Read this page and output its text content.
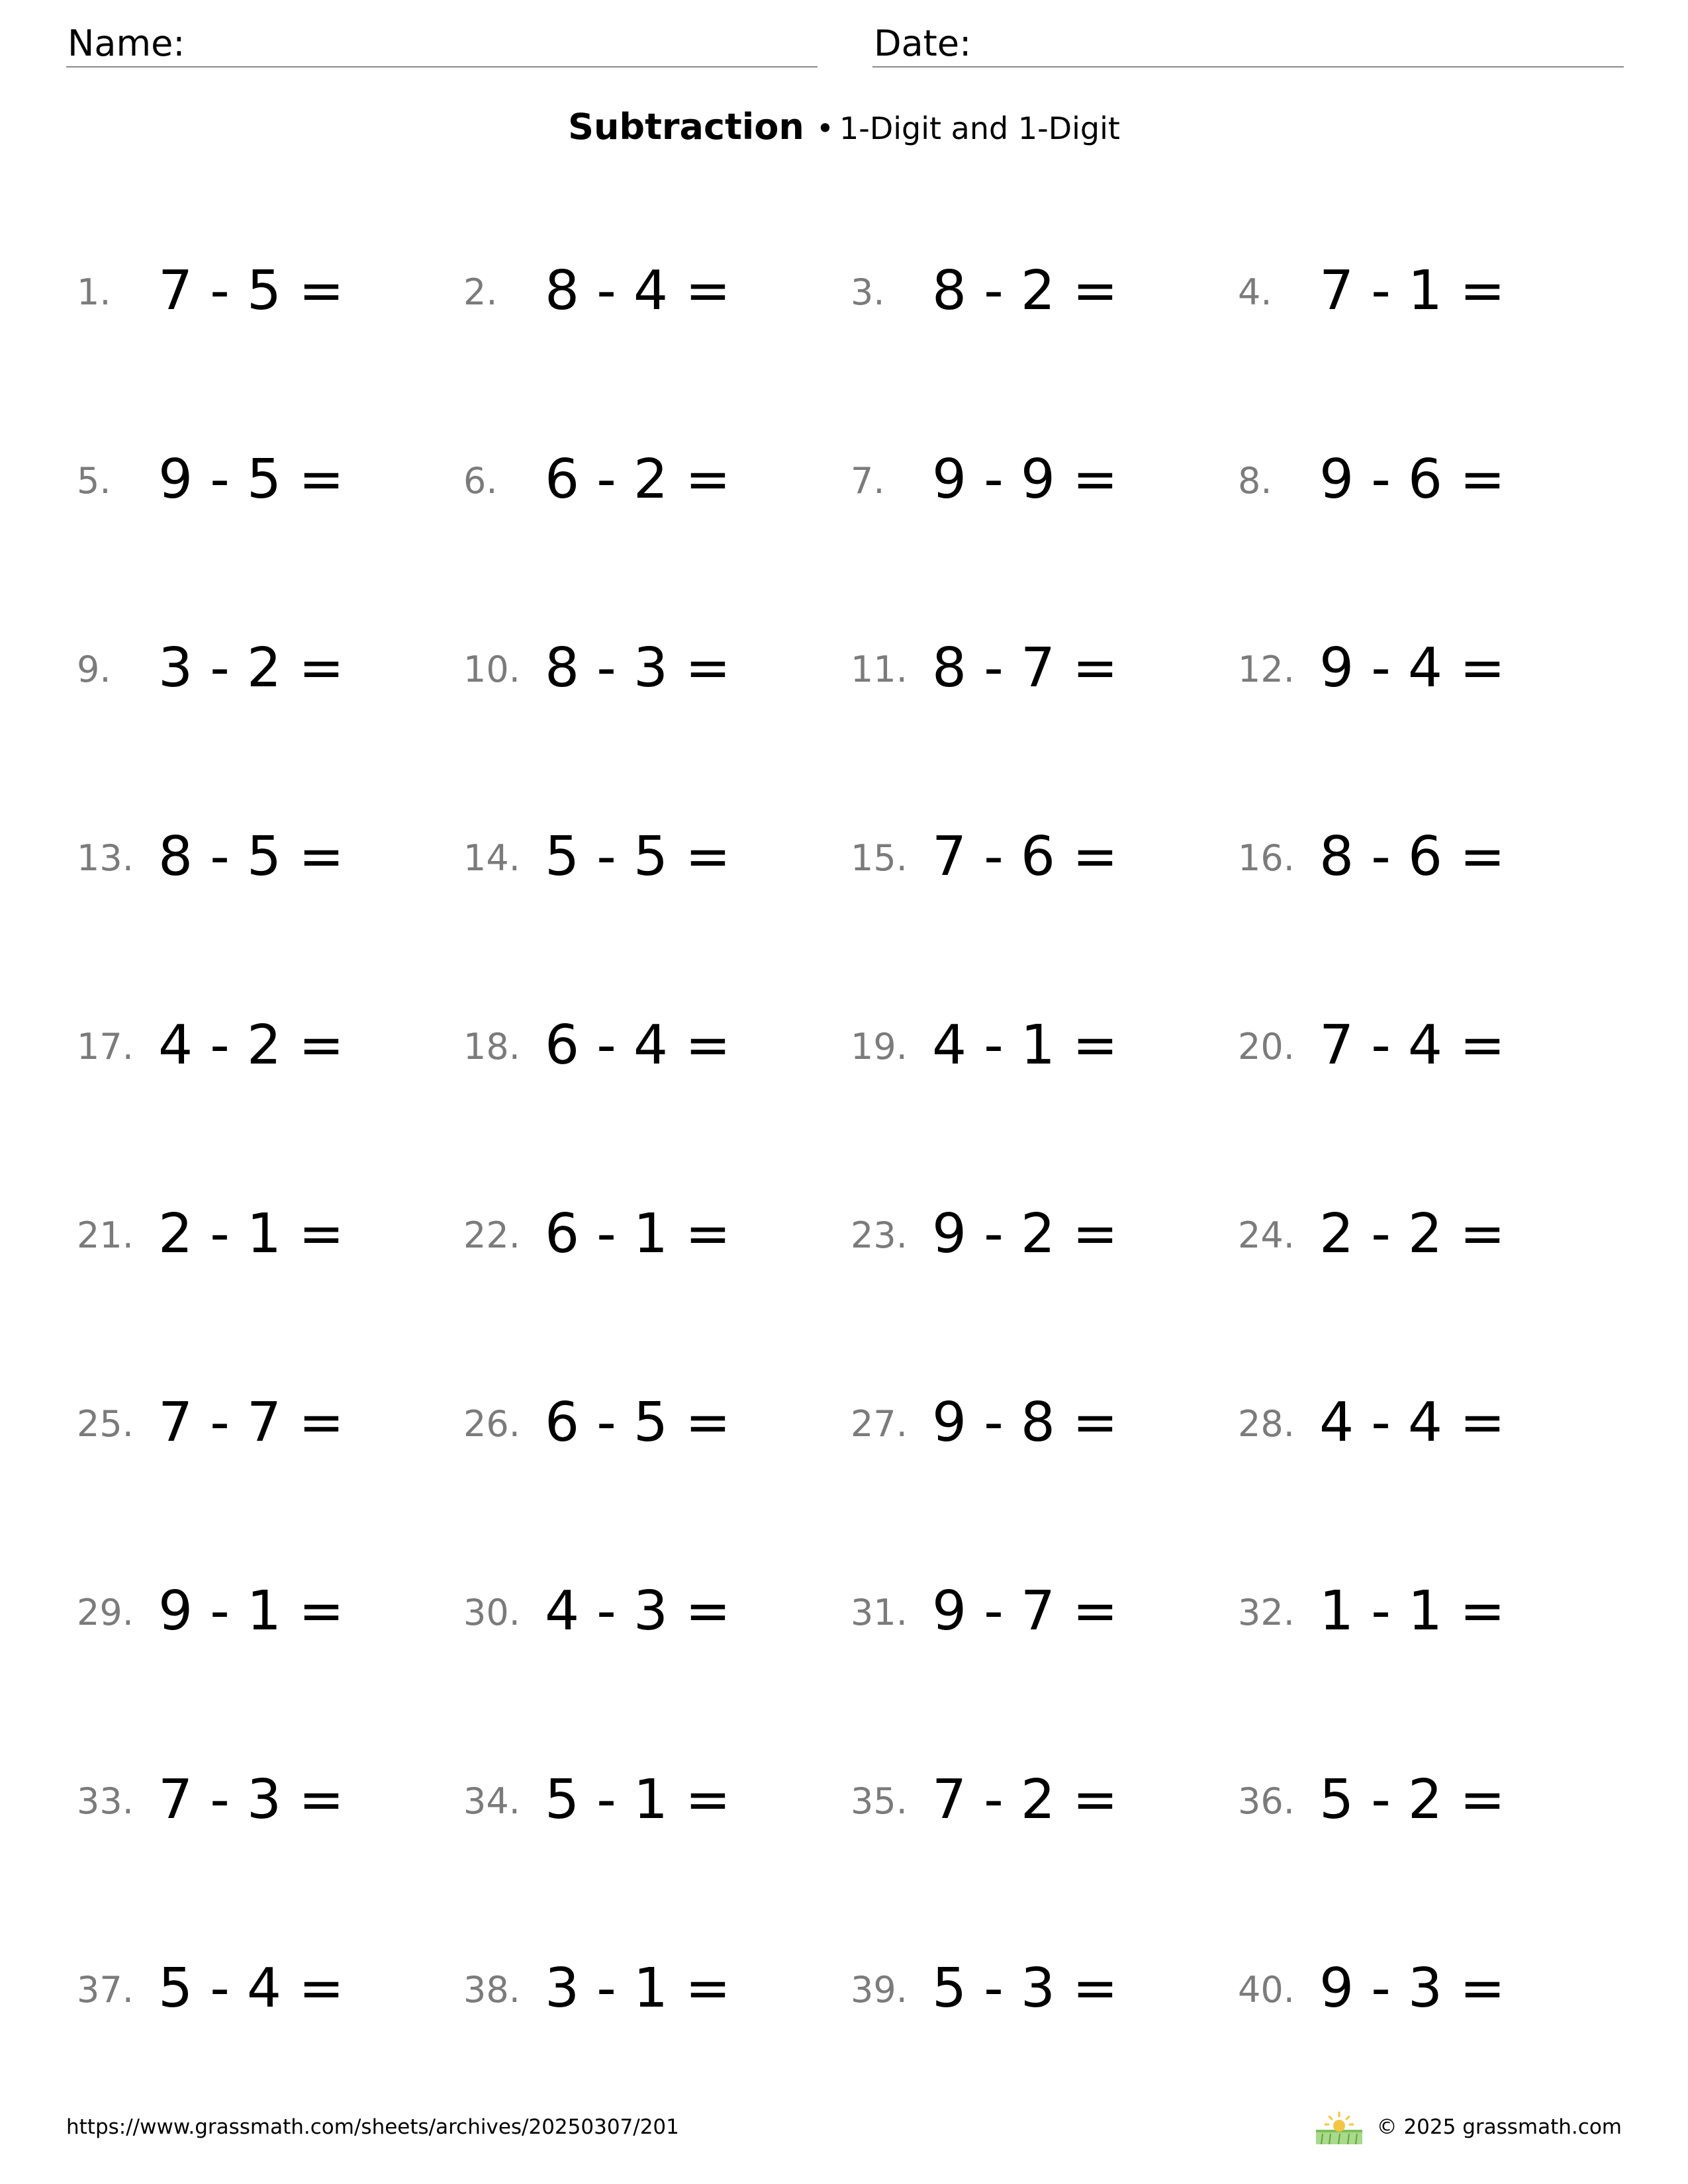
Name:	Date:
Subtraction • 1-Digit and 1-Digit
1. 7 - 5 =	2. 8 - 4 =	3. 8 - 2 =	4. 7 - 1 =
5. 9 - 5 =	6. 6 - 2 =	7. 9 - 9 =	8. 9 - 6 =
9. 3 - 2 =	10. 8 - 3 =	11. 8 - 7 =	12. 9 - 4 =
13. 8 - 5 =	14. 5 - 5 =	15. 7 - 6 =	16. 8 - 6 =
17. 4 - 2 =	18. 6 - 4 =	19. 4 - 1 =	20. 7 - 4 =
21. 2 - 1 =	22. 6 - 1 =	23. 9 - 2 =	24. 2 - 2 =
25. 7 - 7 =	26. 6 - 5 =	27. 9 - 8 =	28. 4 - 4 =
29. 9 - 1 =	30. 4 - 3 =	31. 9 - 7 =	32. 1 - 1 =
33. 7 - 3 =	34. 5 - 1 =	35. 7 - 2 =	36. 5 - 2 =
37. 5 - 4 =	38. 3 - 1 =	39. 5 - 3 =	40. 9 - 3 =
https://www.grassmath.com/sheets/archives/20250307/201	© 2025 grassmath.com
